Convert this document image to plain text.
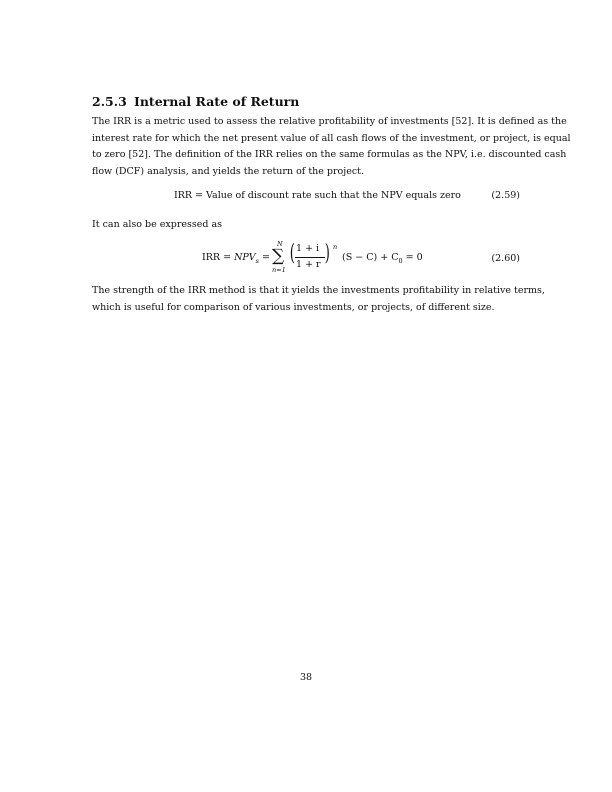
2.5.3 Internal Rate of Return

The IRR is a metric used to assess the relative profitability of investments [52]. It is defined as the
interest rate for which the net present value of all cash flows of the investment, or project, is equal
to zero [52]. The definition of the IRR relies on the same formulas as the NPV, i.e. discounted cash
flow (DCF) analysis, and yields the return of the project.

IRR = Value of discount rate such that the NPV equals zero	(2.59)

It can also be expressed as

IRR = $NPV_s$ =
N
∑
n=1
( 1 + i
1 + r ) n
$(S - C) + C_0 = 0$	(2.60)

The strength of the IRR method is that it yields the investments profitability in relative terms,
which is useful for comparison of various investments, or projects, of different size.

38
